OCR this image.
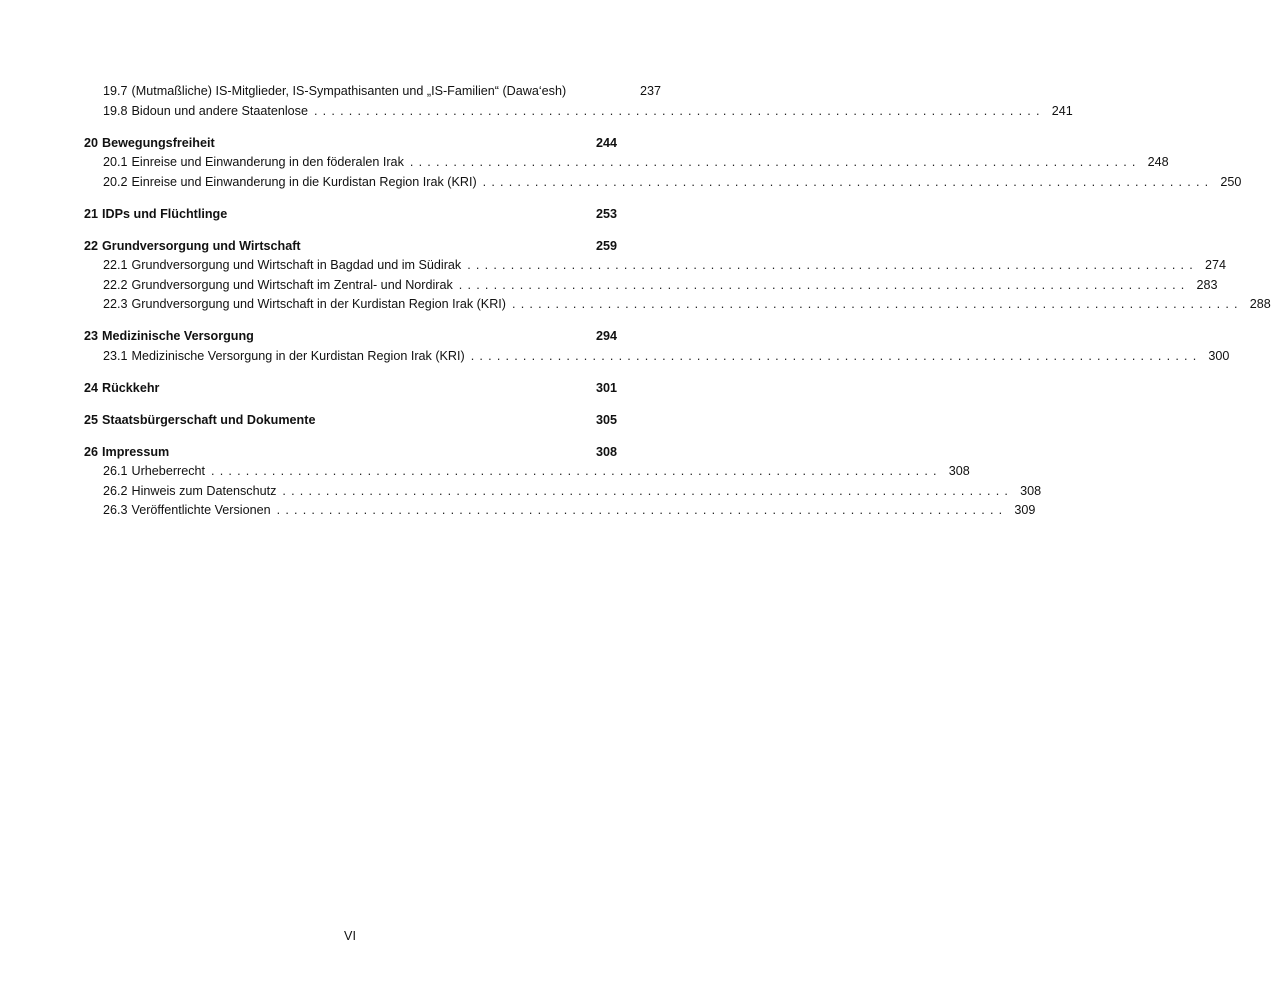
19.7 (Mutmaßliche) IS-Mitglieder, IS-Sympathisanten und „IS-Familien“ (Dawa‘esh)	237
19.8 Bidoun und andere Staatenlose .................................................................................... 241
20 Bewegungsfreiheit	244
20.1 Einreise und Einwanderung in den föderalen Irak .................................................................................... 248
20.2 Einreise und Einwanderung in die Kurdistan Region Irak (KRI) .................................................................................... 250
21 IDPs und Flüchtlinge	253
22 Grundversorgung und Wirtschaft	259
22.1 Grundversorgung und Wirtschaft in Bagdad und im Südirak .................................................................................... 274
22.2 Grundversorgung und Wirtschaft im Zentral- und Nordirak .................................................................................... 283
22.3 Grundversorgung und Wirtschaft in der Kurdistan Region Irak (KRI) .................................................................................... 288
23 Medizinische Versorgung	294
23.1 Medizinische Versorgung in der Kurdistan Region Irak (KRI) .................................................................................... 300
24 Rückkehr	301
25 Staatsbürgerschaft und Dokumente	305
26 Impressum	308
26.1 Urheberrecht .................................................................................... 308
26.2 Hinweis zum Datenschutz .................................................................................... 308
26.3 Veröffentlichte Versionen .................................................................................... 309
VI
